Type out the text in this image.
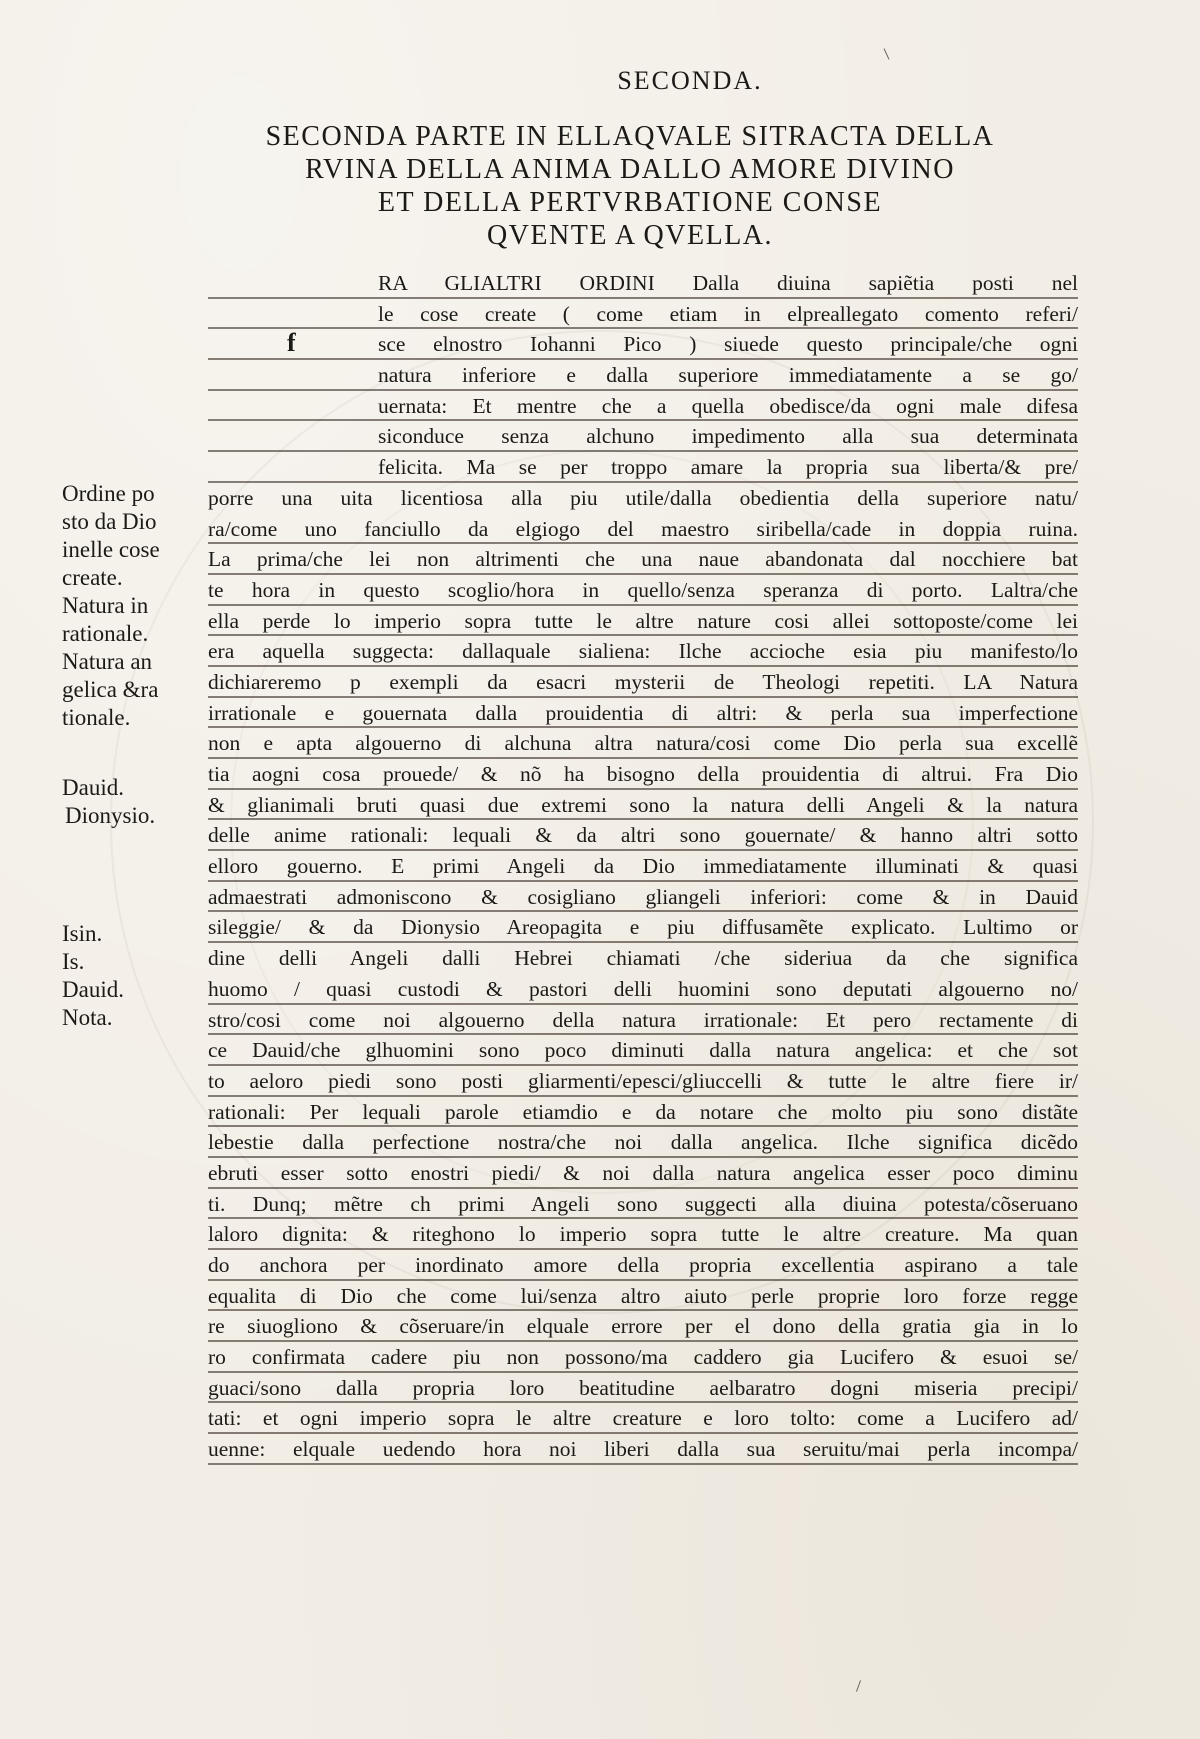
SECONDA.
SECONDA PARTE IN ELLAQVALE SITRACTA DELLA
RVINA DELLA ANIMA DALLO AMORE DIVINO
ET DELLA PERTVRBATIONE CONSE
QVENTE A QVELLA.
f
RA GLIALTRI ORDINI Dalla diuina sapiẽtia posti nel
le cose create ( come etiam in elpreallegato comento referi/
sce elnostro Iohanni Pico ) siuede questo principale/che ogni
natura inferiore e dalla superiore immediatamente a se go/
uernata: Et mentre che a quella obedisce/da ogni male difesa
siconduce senza alchuno impedimento alla sua determinata
felicita. Ma se per troppo amare la propria sua liberta/& pre/
porre una uita licentiosa alla piu utile/dalla obedientia della superiore natu/
ra/come uno fanciullo da elgiogo del maestro siribella/cade in doppia ruina.
La prima/che lei non altrimenti che una naue abandonata dal nocchiere bat
te hora in questo scoglio/hora in quello/senza speranza di porto. Laltra/che
ella perde lo imperio sopra tutte le altre nature cosi allei sottoposte/come lei
era aquella suggecta: dallaquale sialiena: Ilche accioche esia piu manifesto/lo
dichiareremo p exempli da esacri mysterii de Theologi repetiti. LA Natura
irrationale e gouernata dalla prouidentia di altri: & perla sua imperfectione
non e apta algouerno di alchuna altra natura/cosi come Dio perla sua excellẽ
tia aogni cosa prouede/ & nõ ha bisogno della prouidentia di altrui. Fra Dio
& glianimali bruti quasi due extremi sono la natura delli Angeli & la natura
delle anime rationali: lequali & da altri sono gouernate/ & hanno altri sotto
elloro gouerno. E primi Angeli da Dio immediatamente illuminati & quasi
admaestrati admoniscono & cosigliano gliangeli inferiori: come & in Dauid
sileggie/ & da Dionysio Areopagita e piu diffusamẽte explicato. Lultimo or
dine delli Angeli dalli Hebrei chiamati /che sideriua da che significa
huomo / quasi custodi & pastori delli huomini sono deputati algouerno no/
stro/cosi come noi algouerno della natura irrationale: Et pero rectamente di
ce Dauid/che glhuomini sono poco diminuti dalla natura angelica: et che sot
to aeloro piedi sono posti gliarmenti/epesci/gliuccelli & tutte le altre fiere ir/
rationali: Per lequali parole etiamdio e da notare che molto piu sono distãte
lebestie dalla perfectione nostra/che noi dalla angelica. Ilche significa dicẽdo
ebruti esser sotto enostri piedi/ & noi dalla natura angelica esser poco diminu
ti. Dunq; mẽtre ch primi Angeli sono suggecti alla diuina potesta/cõseruano
laloro dignita: & riteghono lo imperio sopra tutte le altre creature. Ma quan
do anchora per inordinato amore della propria excellentia aspirano a tale
equalita di Dio che come lui/senza altro aiuto perle proprie loro forze regge
re siuogliono & cõseruare/in elquale errore per el dono della gratia gia in lo
ro confirmata cadere piu non possono/ma caddero gia Lucifero & esuoi se/
guaci/sono dalla propria loro beatitudine aelbaratro dogni miseria precipi/
tati: et ogni imperio sopra le altre creature e loro tolto: come a Lucifero ad/
uenne: elquale uedendo hora noi liberi dalla sua seruitu/mai perla incompa/
Ordine po
sto da Dio
inelle cose
create.
Natura in
rationale.
Natura an
gelica &ra
tionale.
Dauid.
Dionysio.
Isin.
Is.
Dauid.
Nota.
